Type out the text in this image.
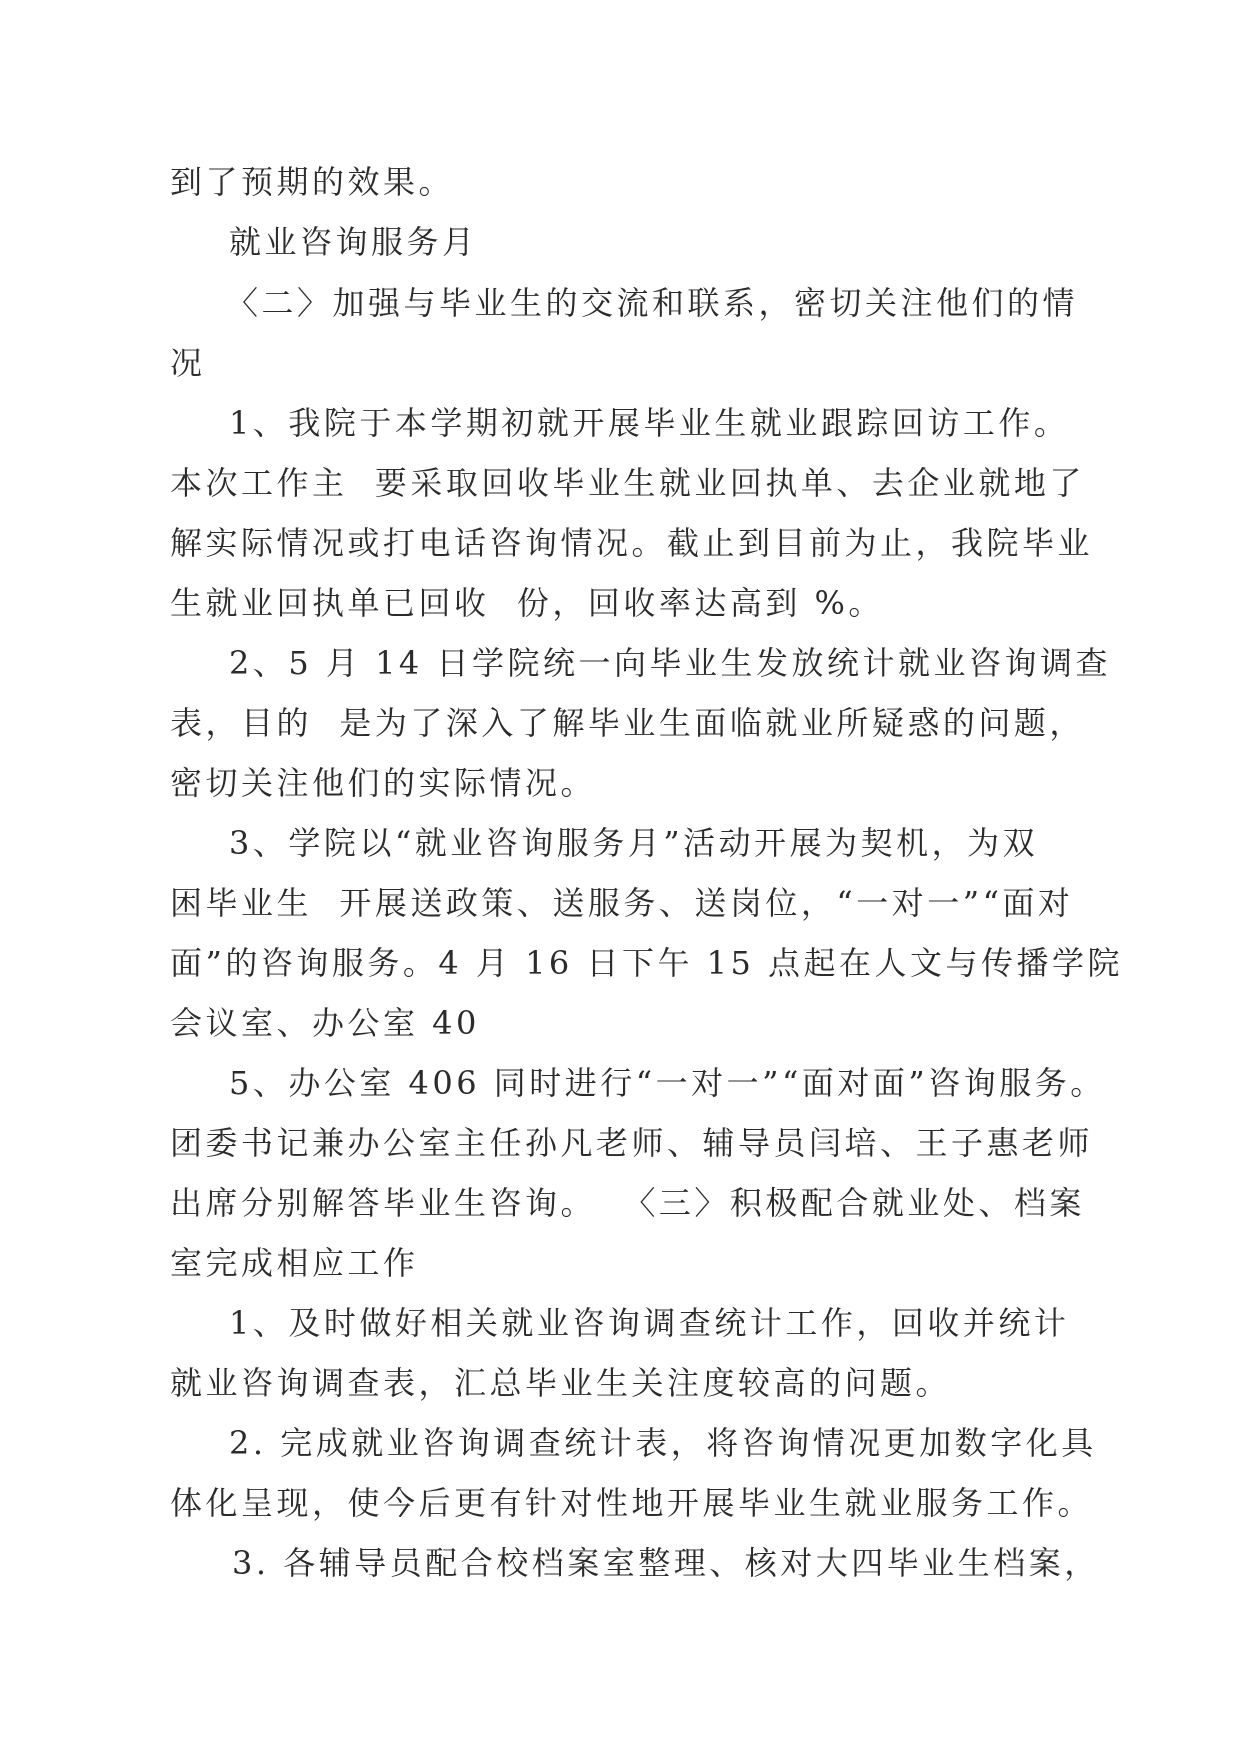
到了预期的效果。

就业咨询服务月

〈二〉加强与毕业生的交流和联系，密切关注他们的情

况

1、我院于本学期初就开展毕业生就业跟踪回访工作。

本次工作主  要采取回收毕业生就业回执单、去企业就地了

解实际情况或打电话咨询情况。截止到目前为止，我院毕业

生就业回执单已回收  份，回收率达高到 %。

2、5 月 14 日学院统一向毕业生发放统计就业咨询调查

表，目的  是为了深入了解毕业生面临就业所疑惑的问题，

密切关注他们的实际情况。

3、学院以“就业咨询服务月”活动开展为契机，为双

困毕业生  开展送政策、送服务、送岗位，“一对一”“面对

面”的咨询服务。4 月 16 日下午 15 点起在人文与传播学院

会议室、办公室 40

5、办公室 406 同时进行“一对一”“面对面”咨询服务。

团委书记兼办公室主任孙凡老师、辅导员闫培、王子惠老师

出席分别解答毕业生咨询。  〈三〉积极配合就业处、档案

室完成相应工作

1、及时做好相关就业咨询调查统计工作，回收并统计

就业咨询调查表，汇总毕业生关注度较高的问题。

2. 完成就业咨询调查统计表，将咨询情况更加数字化具

体化呈现，使今后更有针对性地开展毕业生就业服务工作。

3. 各辅导员配合校档案室整理、核对大四毕业生档案，
